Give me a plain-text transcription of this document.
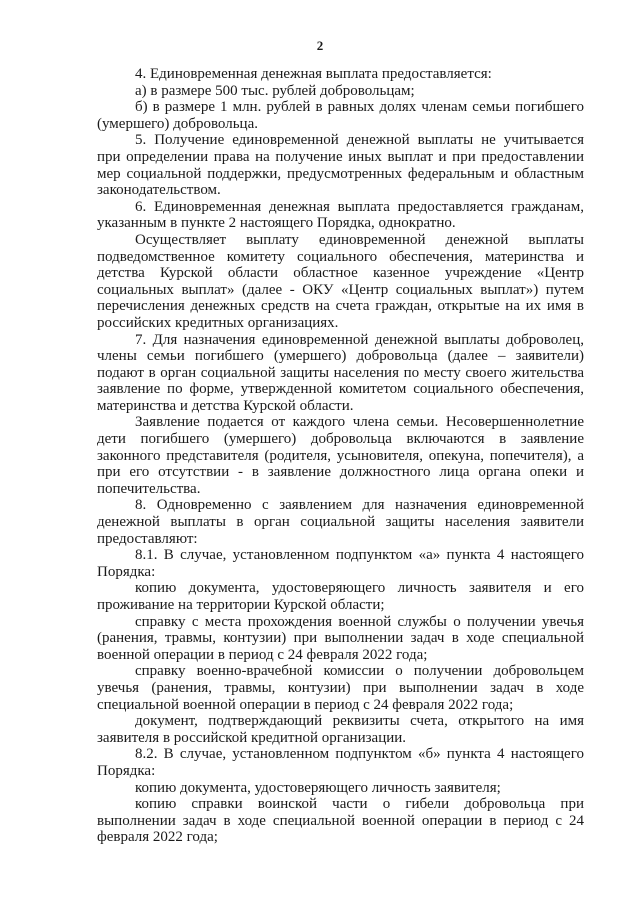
2
4. Единовременная денежная выплата предоставляется:
а) в размере 500 тыс. рублей добровольцам;
б) в размере 1 млн. рублей в равных долях членам семьи погибшего
(умершего) добровольца.
5. Получение единовременной денежной выплаты не учитывается
при определении права на получение иных выплат и при предоставлении
мер социальной поддержки, предусмотренных федеральным и областным
законодательством.
6. Единовременная денежная выплата предоставляется гражданам,
указанным в пункте 2 настоящего Порядка, однократно.
Осуществляет выплату единовременной денежной выплаты
подведомственное комитету социального обеспечения, материнства и
детства Курской области областное казенное учреждение «Центр
социальных выплат» (далее - ОКУ «Центр социальных выплат») путем
перечисления денежных средств на счета граждан, открытые на их имя в
российских кредитных организациях.
7. Для назначения единовременной денежной выплаты доброволец,
члены семьи погибшего (умершего) добровольца (далее – заявители)
подают в орган социальной защиты населения по месту своего жительства
заявление по форме, утвержденной комитетом социального обеспечения,
материнства и детства Курской области.
Заявление подается от каждого члена семьи. Несовершеннолетние
дети погибшего (умершего) добровольца включаются в заявление
законного представителя (родителя, усыновителя, опекуна, попечителя), а
при его отсутствии - в заявление должностного лица органа опеки и
попечительства.
8. Одновременно с заявлением для назначения единовременной
денежной выплаты в орган социальной защиты населения заявители
предоставляют:
8.1. В случае, установленном подпунктом «а» пункта 4 настоящего
Порядка:
копию документа, удостоверяющего личность заявителя и его
проживание на территории Курской области;
справку с места прохождения военной службы о получении увечья
(ранения, травмы, контузии) при выполнении задач в ходе специальной
военной операции в период с 24 февраля 2022 года;
справку военно-врачебной комиссии о получении добровольцем
увечья (ранения, травмы, контузии) при выполнении задач в ходе
специальной военной операции в период с 24 февраля 2022 года;
документ, подтверждающий реквизиты счета, открытого на имя
заявителя в российской кредитной организации.
8.2. В случае, установленном подпунктом «б» пункта 4 настоящего
Порядка:
копию документа, удостоверяющего личность заявителя;
копию справки воинской части о гибели добровольца при
выполнении задач в ходе специальной военной операции в период с 24
февраля 2022 года;
